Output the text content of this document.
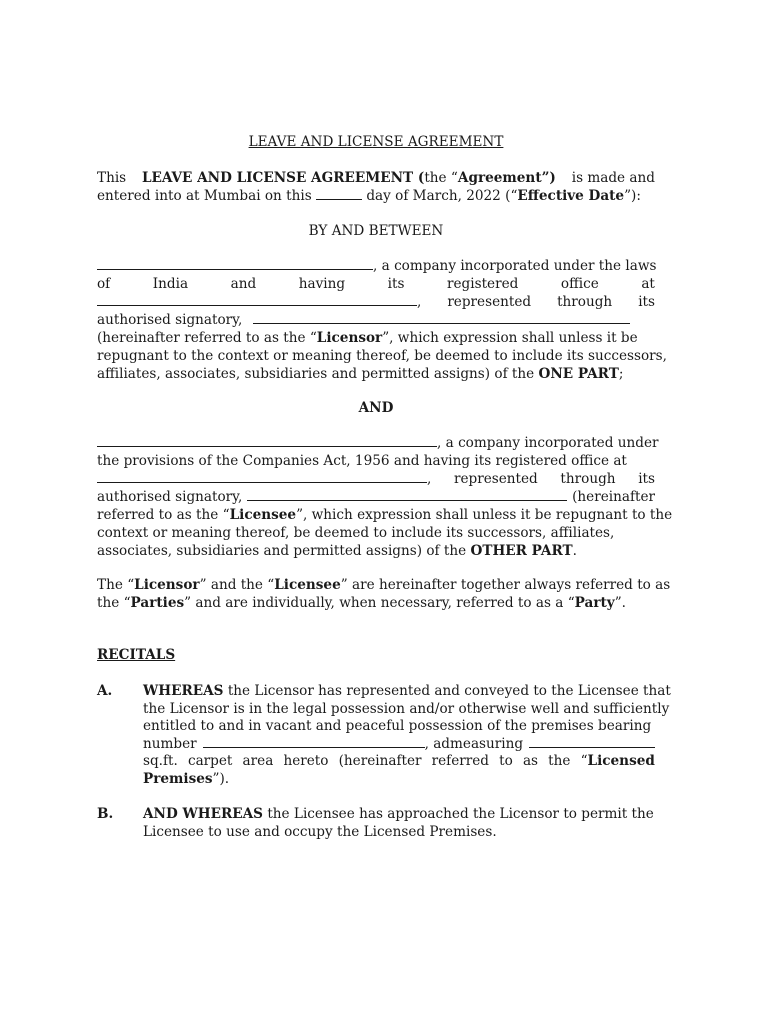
LEAVE AND LICENSE AGREEMENT
This LEAVE AND LICENSE AGREEMENT (the “Agreement”) is made and
entered into at Mumbai on this	day of March, 2022 (“Effective Date”):
BY AND BETWEEN
, a company incorporated under the laws
of	India	and	having	its	registered	office	at
, represented through its
authorised signatory,
(hereinafter referred to as the “Licensor”, which expression shall unless it be
repugnant to the context or meaning thereof, be deemed to include its successors,
affiliates, associates, subsidiaries and permitted assigns) of the ONE PART;
AND
, a company incorporated under
the provisions of the Companies Act, 1956 and having its registered office at
, represented through its
authorised signatory,	(hereinafter
referred to as the “Licensee”, which expression shall unless it be repugnant to the
context or meaning thereof, be deemed to include its successors, affiliates,
associates, subsidiaries and permitted assigns) of the OTHER PART.
The “Licensor” and the “Licensee” are hereinafter together always referred to as
the “Parties” and are individually, when necessary, referred to as a “Party”.
RECITALS
A. WHEREAS the Licensor has represented and conveyed to the Licensee that
the Licensor is in the legal possession and/or otherwise well and sufficiently
entitled to and in vacant and peaceful possession of the premises bearing
number	, admeasuring
sq.ft. carpet area hereto (hereinafter referred to as the “Licensed
Premises”).
B. AND WHEREAS the Licensee has approached the Licensor to permit the
Licensee to use and occupy the Licensed Premises.
